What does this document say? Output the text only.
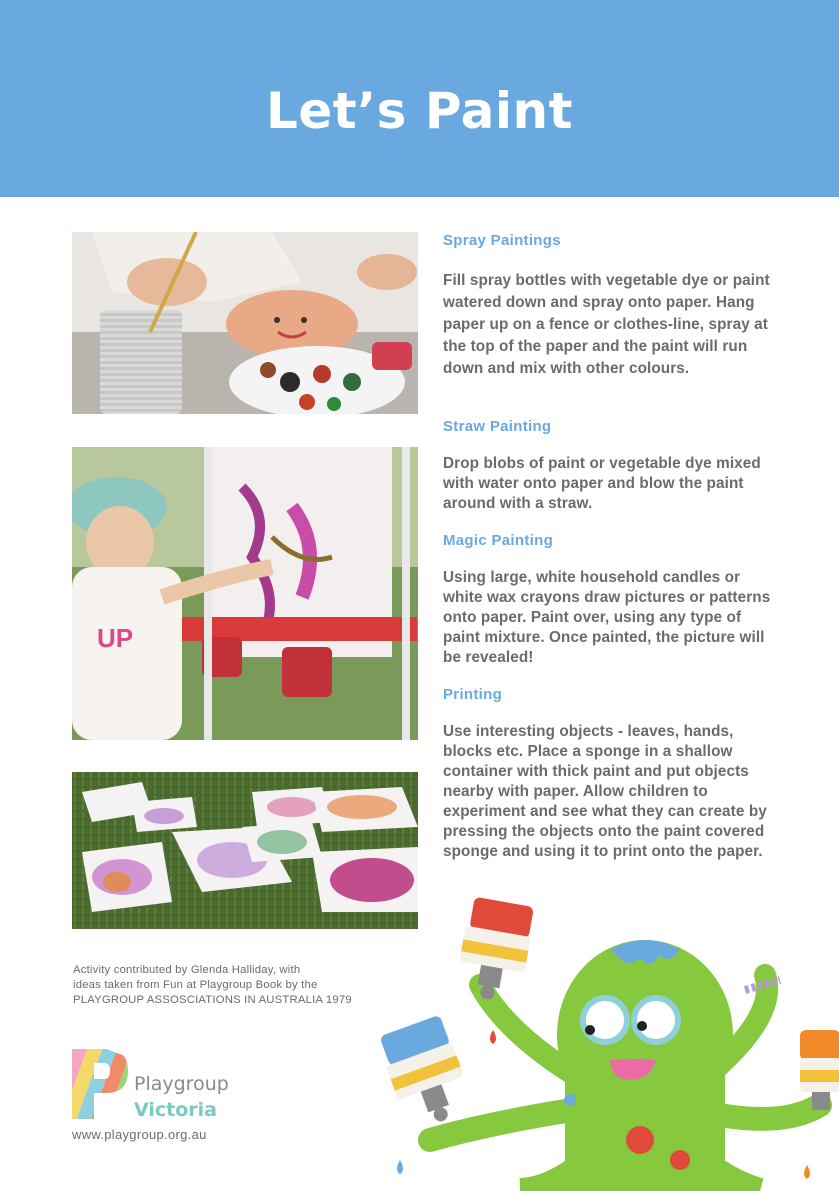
Let’s Paint
UP
Spray Paintings

Fill spray bottles with vegetable dye or paint watered down and spray onto paper. Hang paper up on a fence or clothes-line, spray at the top of the paper and the paint will run down and mix with other colours.

Straw Painting

Drop blobs of paint or vegetable dye mixed with water onto paper and blow the paint around with a straw.

Magic Painting

Using large, white household candles or white wax crayons draw pictures or patterns onto paper. Paint over, using any type of paint mixture. Once painted, the picture will be revealed!

Printing

Use interesting objects - leaves, hands, blocks etc. Place a sponge in a shallow container with thick paint and put objects nearby with paper. Allow children to experiment and see what they can create by pressing the objects onto the paint covered sponge and using it to print onto the paper.

Activity contributed by Glenda Halliday, with
ideas taken from Fun at Playgroup Book by the
PLAYGROUP ASSOSCIATIONS IN AUSTRALIA 1979
Playgroup
Victoria
www.playgroup.org.au
